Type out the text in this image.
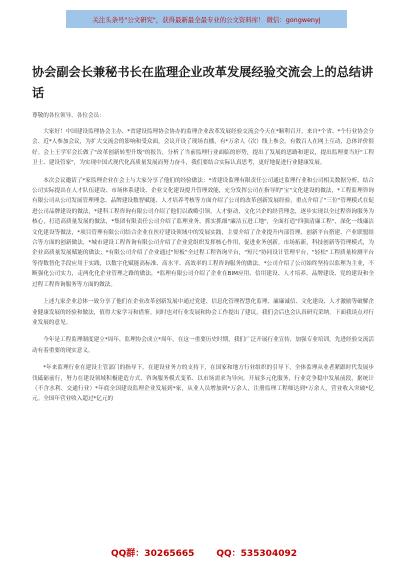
关注头条号"公文研究"，获得最新最全最专业的公文资料库！ 微信：gongwenyj
协会副会长兼秘书长在监理企业改革发展经验交流会上的总结讲话
尊敬的各位领导、各位会员：

大家好！中国建设监理协会主办、*省建设监理协会协办的监理企业改革发展经验交流会今天在*顺利召开，来自*个省、*个行业协会分会、近*人参加会议，为扩大交流会的影响和受众面，会议开设了现场直播，有*万余人（次）线上参会。有数百人在网上互动，总体评价很好。会上王学军会长做了"改革创新转型升级"的报告，分析了当前监理行业面临的形势，提出了发展的思路和建议，提出监理要当好"工程卫士、建设管家"，为实现中国式现代化高质量发展而努力奋斗，我们要结合实际认真思考，更好地促进行业健康发展。

本次会议邀请了*家监理企业在会上与大家分享了他们的经验做法：*省建设监理有限责任公司通过监理行业和公司相关数据分析，结合公司实际提出在人才队伍建设、市场体系建设、企业文化建设提升管理效能，充分发挥公司在指导的"宝"文化建设的做法，*工程监理咨询有限公司从公司发展管理理念、品牌建设数智赋能、人才培养考核等方面介绍了公司的改革创新发展经验，重点介绍了"三位"管理模式在促进公司品牌建设的做法，*建科工程咨询有限公司介绍了他们以战略引领，人才驱动，文化兴企的经营理念，逐步实现以全过程咨询服务为核心，打造高质量发展的做法，*集团有限责任公司介绍了监理业务，抓实抓细"廉洁五进工地"，全面打造"四强清廉工程"，深化一线廉洁文化建设等做法，*项目管理有限公司结合企业在医疗建设领域中的发展实践，主要介绍了企业提升内部管理、创新平台搭建、产业联盟组合等方面的创新做法，*城市建设工程咨询有限公司介绍了企业党组织发挥核心作用，促进业务创新，市场拓新，科技创新等管理模式，为企业高质量发展赋能的做法；*有限公司介绍了企业通过"短板"全过程工程咨询平台，"短尺"协同设计管理平台，"轻松"工程质量检测平台等得数智化手段应用于实践，以数字化赋能高标准、高水平、高效率的工程咨询服务的做法，*公司介绍了公司始终坚持以监理为主业，不断强化公司实力，走两化化企业管理之路的做法，*监理有限公司介绍了企业在BIM应用、信用建设、人才培养、品牌建设、党的建设和全过程工程咨询服务等方面的做法。

上述九家企业总体一致分享了他们在企业改革创新发展中通过党建、信息化管理智慧化监理、廉廉诚信、文化建设、人才激励等破解企业健康发展的经验和做法，值得大家学习和借鉴。同时也对行业发展和协会工作提出了建议，我们会后也会认真研究采纳。下面我谈点对行业发展的意见。

今年是工程监理制度建立*周年、监理协会成立*周年，在这一重要历史时期，我们广泛开展行业宣传，加强专业培训，先进经验交流活动有着重要的现实意义。

*年来监理行业在建设主管部门的指导下，在建设业务方的支持下，在国家和地方行业组织的引导下，全体监理从业者紧跟时代发展步伐砥砺前行，努力在建设领域积极建造方式、咨询服务模式变革、以市场需求为导向，开展多元化服务，行业竞争稳中发展前段，据统计（不含水利、交通行业）*年底全国建设监理企业发展到*家，从业人员增加到*万余人，注册监理工程师达到*万余人，营业收入突破*亿元。全国年营业收入超过*亿元的

QQ群：30265665       QQ：535304092
